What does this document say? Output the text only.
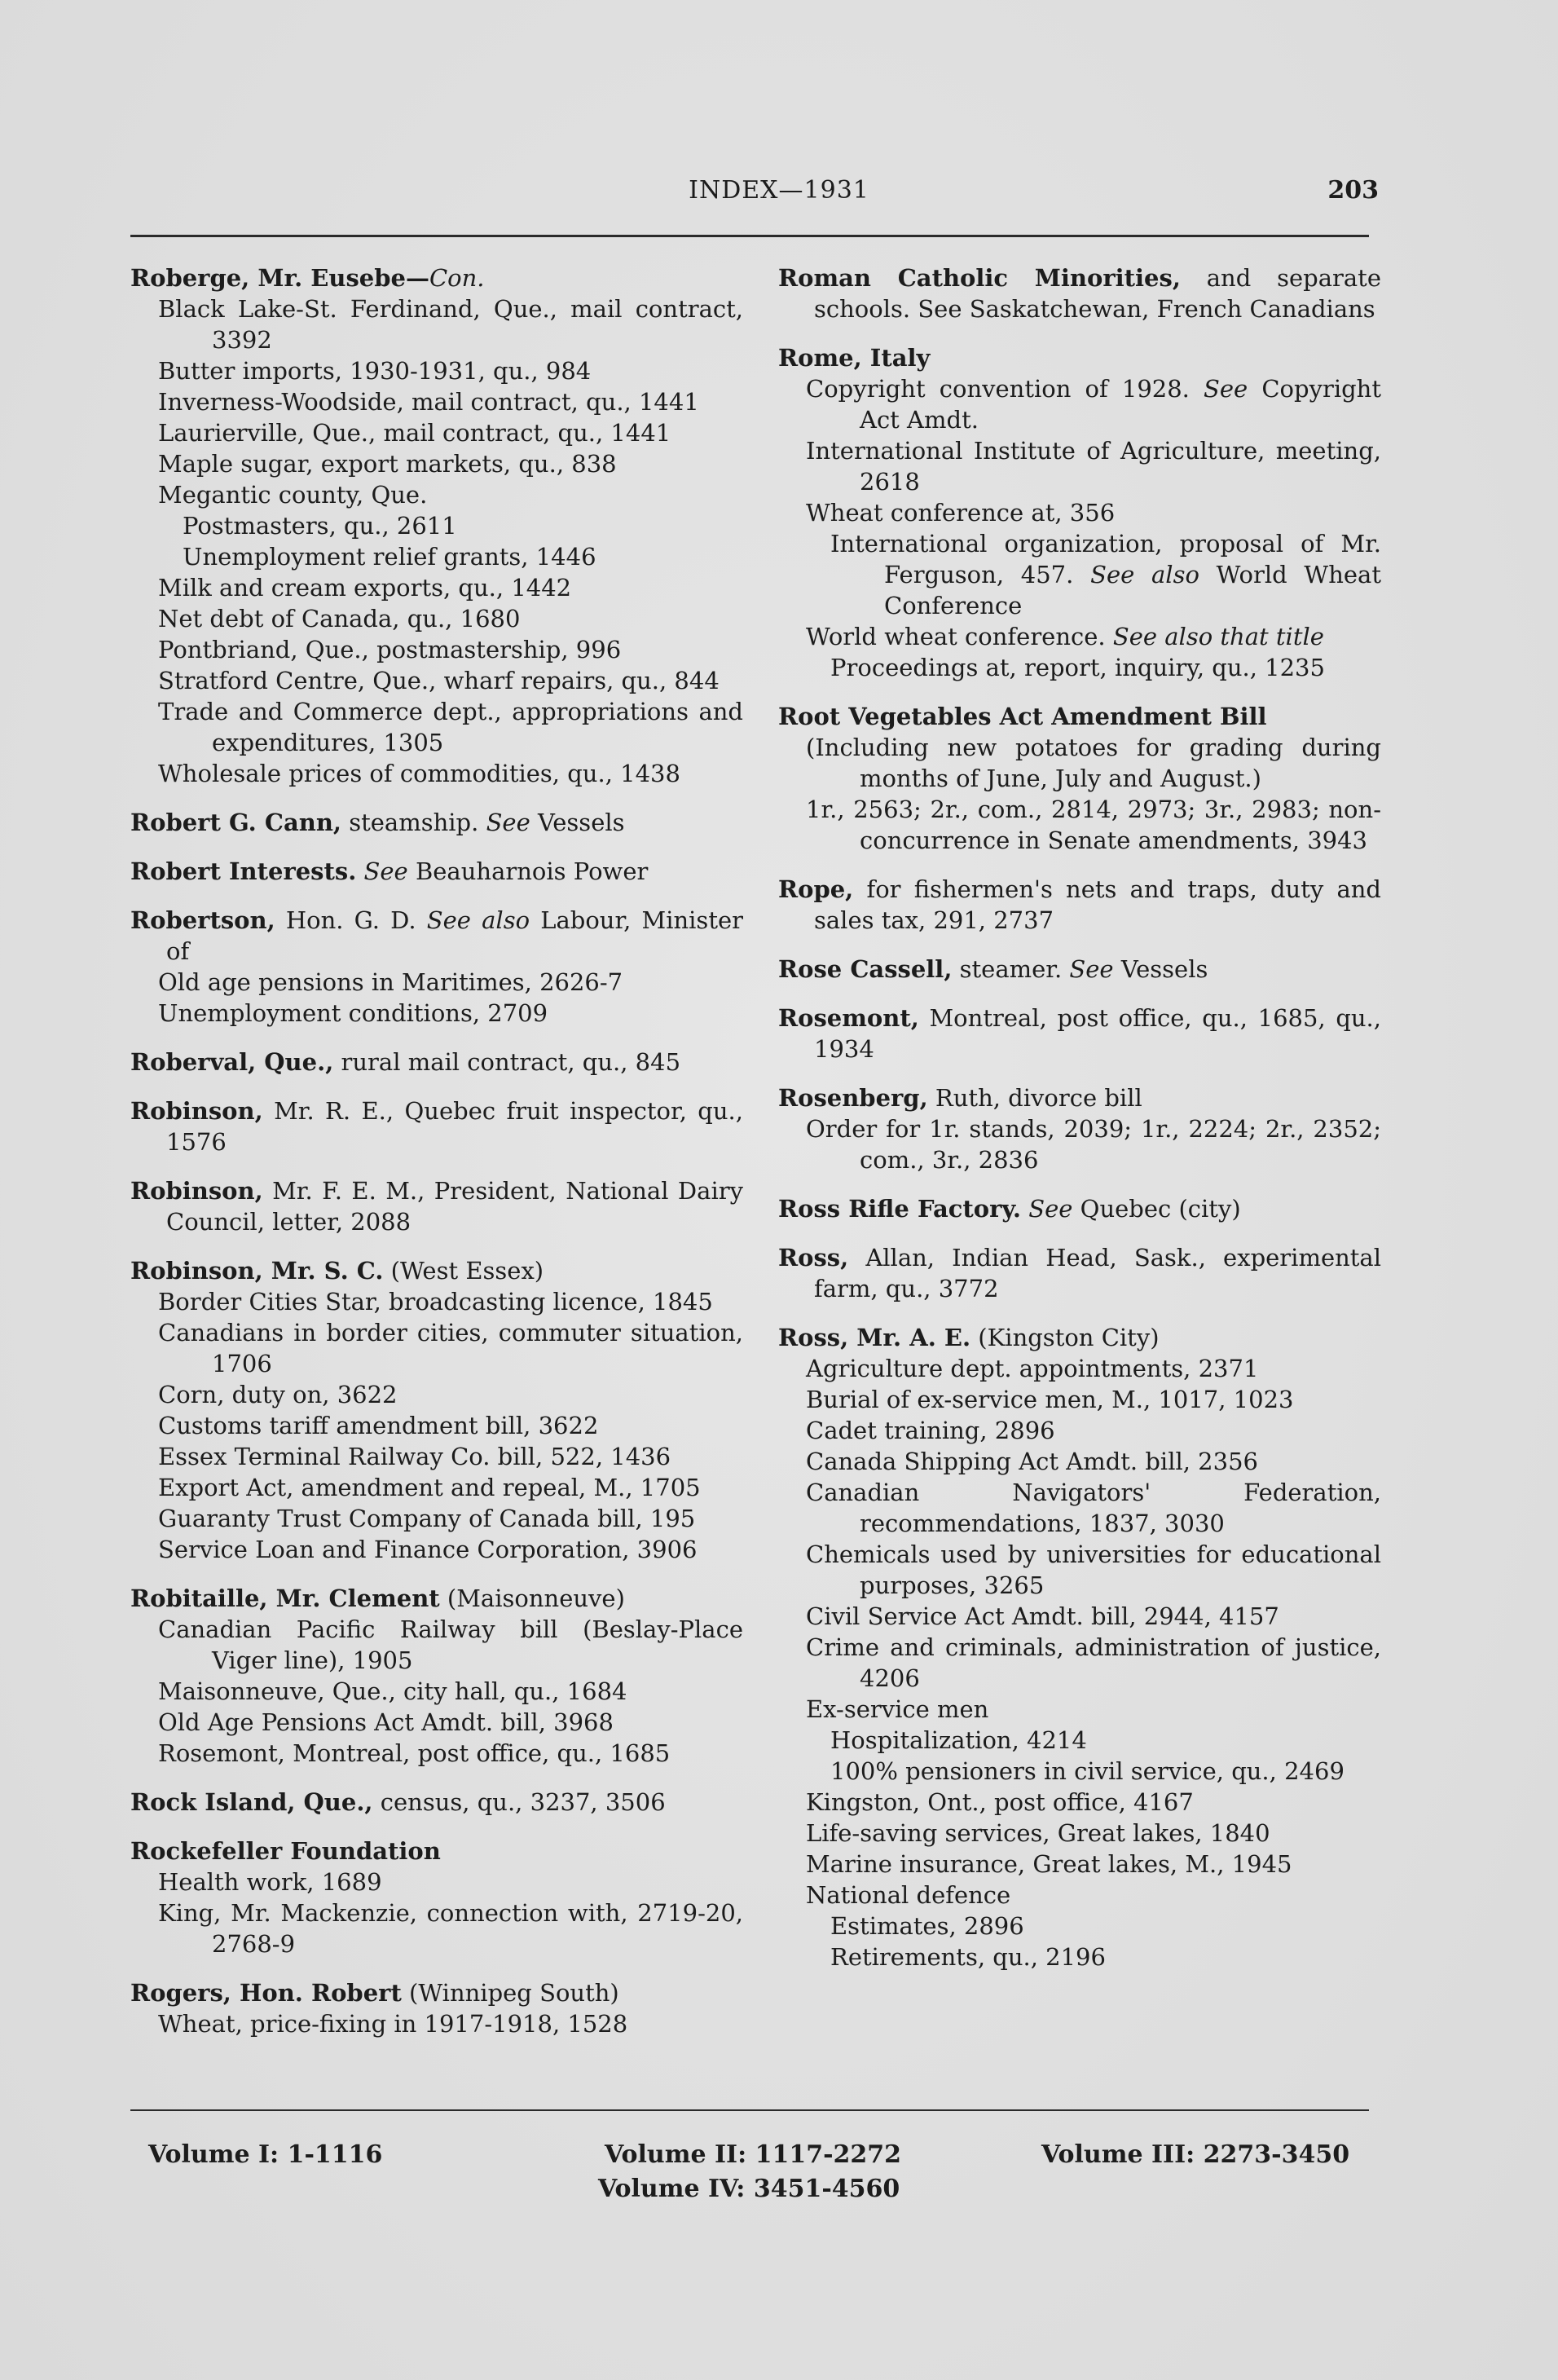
INDEX—1931	203

Roberge, Mr. Eusebe—Con.

Black Lake-St. Ferdinand, Que., mail contract, 3392

Butter imports, 1930-1931, qu., 984

Inverness-Woodside, mail contract, qu., 1441

Laurierville, Que., mail contract, qu., 1441

Maple sugar, export markets, qu., 838

Megantic county, Que.

Postmasters, qu., 2611

Unemployment relief grants, 1446

Milk and cream exports, qu., 1442

Net debt of Canada, qu., 1680

Pontbriand, Que., postmastership, 996

Stratford Centre, Que., wharf repairs, qu., 844

Trade and Commerce dept., appropriations and expenditures, 1305

Wholesale prices of commodities, qu., 1438

Robert G. Cann, steamship. See Vessels

Robert Interests. See Beauharnois Power

Robertson, Hon. G. D. See also Labour, Minister of

Old age pensions in Maritimes, 2626-7

Unemployment conditions, 2709

Roberval, Que., rural mail contract, qu., 845

Robinson, Mr. R. E., Quebec fruit inspector, qu., 1576

Robinson, Mr. F. E. M., President, National Dairy Council, letter, 2088

Robinson, Mr. S. C. (West Essex)

Border Cities Star, broadcasting licence, 1845

Canadians in border cities, commuter situation, 1706

Corn, duty on, 3622

Customs tariff amendment bill, 3622

Essex Terminal Railway Co. bill, 522, 1436

Export Act, amendment and repeal, M., 1705

Guaranty Trust Company of Canada bill, 195

Service Loan and Finance Corporation, 3906

Robitaille, Mr. Clement (Maisonneuve)

Canadian Pacific Railway bill (Beslay-Place Viger line), 1905

Maisonneuve, Que., city hall, qu., 1684

Old Age Pensions Act Amdt. bill, 3968

Rosemont, Montreal, post office, qu., 1685

Rock Island, Que., census, qu., 3237, 3506

Rockefeller Foundation

Health work, 1689

King, Mr. Mackenzie, connection with, 2719-20, 2768-9

Rogers, Hon. Robert (Winnipeg South)

Wheat, price-fixing in 1917-1918, 1528

Roman Catholic Minorities, and separate schools. See Saskatchewan, French Canadians

Rome, Italy

Copyright convention of 1928. See Copyright Act Amdt.

International Institute of Agriculture, meeting, 2618

Wheat conference at, 356

International organization, proposal of Mr. Ferguson, 457. See also World Wheat Conference

World wheat conference. See also that title

Proceedings at, report, inquiry, qu., 1235

Root Vegetables Act Amendment Bill

(Including new potatoes for grading during months of June, July and August.)

1r., 2563; 2r., com., 2814, 2973; 3r., 2983; non-concurrence in Senate amendments, 3943

Rope, for fishermen's nets and traps, duty and sales tax, 291, 2737

Rose Cassell, steamer. See Vessels

Rosemont, Montreal, post office, qu., 1685, qu., 1934

Rosenberg, Ruth, divorce bill

Order for 1r. stands, 2039; 1r., 2224; 2r., 2352; com., 3r., 2836

Ross Rifle Factory. See Quebec (city)

Ross, Allan, Indian Head, Sask., experimental farm, qu., 3772

Ross, Mr. A. E. (Kingston City)

Agriculture dept. appointments, 2371

Burial of ex-service men, M., 1017, 1023

Cadet training, 2896

Canada Shipping Act Amdt. bill, 2356

Canadian Navigators' Federation, recommendations, 1837, 3030

Chemicals used by universities for educational purposes, 3265

Civil Service Act Amdt. bill, 2944, 4157

Crime and criminals, administration of justice, 4206

Ex-service men

Hospitalization, 4214

100% pensioners in civil service, qu., 2469

Kingston, Ont., post office, 4167

Life-saving services, Great lakes, 1840

Marine insurance, Great lakes, M., 1945

National defence

Estimates, 2896

Retirements, qu., 2196

Volume I: 1-1116	Volume II: 1117-2272	Volume III: 2273-3450
Volume IV: 3451-4560
